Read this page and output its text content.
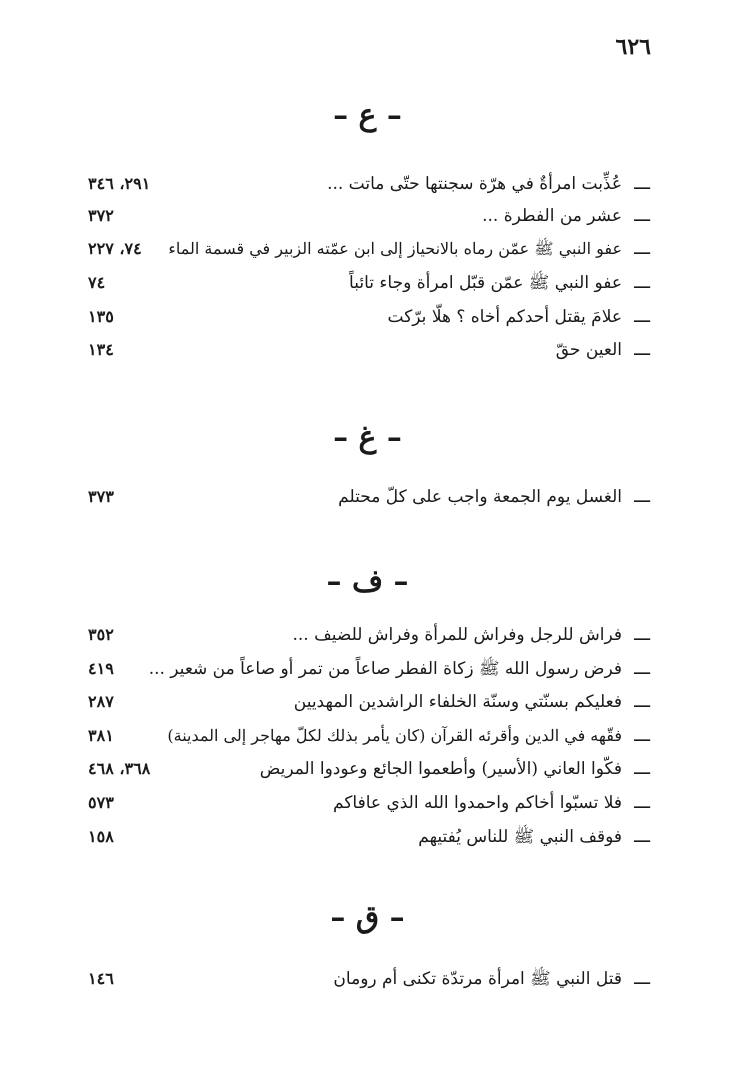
٦٢٦
– ع –
ـــ
عُذِّبت امرأةٌ في هرّة سجنتها حتّى ماتت ...
٢٩١، ٣٤٦
ـــ
عشر من الفطرة ...
٣٧٢
ـــ
عفو النبي ﷺ عمّن رماه بالانحياز إلى ابن عمّته الزبير في قسمة الماء
٧٤، ٢٢٧
ـــ
عفو النبي ﷺ عمّن قبّل امرأة وجاء تائباً
٧٤
ـــ
علامَ يقتل أحدكم أخاه ؟ هلّا برّكت
١٣٥
ـــ
العين حقّ
١٣٤
– غ –
ـــ
الغسل يوم الجمعة واجب على كلّ محتلم
٣٧٣
– ف –
ـــ
فراش للرجل وفراش للمرأة وفراش للضيف ...
٣٥٢
ـــ
فرض رسول الله ﷺ زكاة الفطر صاعاً من تمر أو صاعاً من شعير ...
٤١٩
ـــ
فعليكم بسنّتي وسنّة الخلفاء الراشدين المهديين
٢٨٧
ـــ
فقّهه في الدين وأقرئه القرآن (كان يأمر بذلك لكلّ مهاجر إلى المدينة)
٣٨١
ـــ
فكّوا العاني (الأسير) وأطعموا الجائع وعودوا المريض
٣٦٨، ٤٦٨
ـــ
فلا تسبّوا أخاكم واحمدوا الله الذي عافاكم
٥٧٣
ـــ
فوقف النبي ﷺ للناس يُفتيهم
١٥٨
– ق –
ـــ
قتل النبي ﷺ امرأة مرتدّة تكنى أم رومان
١٤٦
